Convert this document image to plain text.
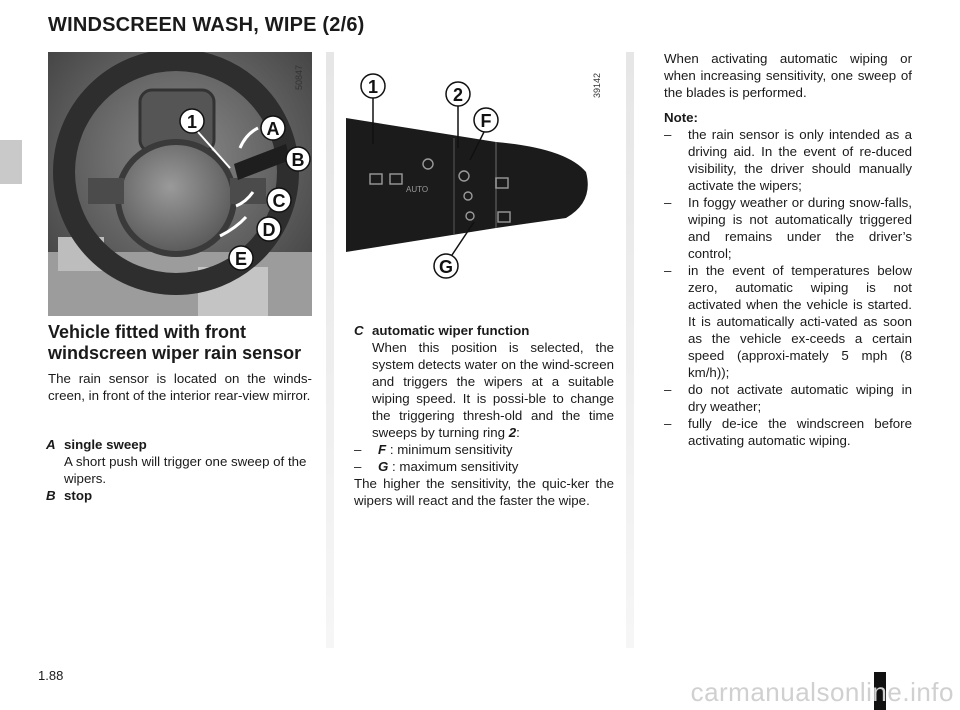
WINDSCREEN WASH, WIPE (2/6)
50847
1	A
B
C
D
E
AUTO
1	2
F
G
39142
Vehicle fitted with front windscreen wiper rain sensor
The rain sensor is located on the winds-creen, in front of the interior rear-view mirror.
A single sweep
A short push will trigger one sweep of the wipers.
B stop
C automatic wiper function
When this position is selected, the system detects water on the wind-screen and triggers the wipers at a suitable wiping speed. It is possi-ble to change the triggering thresh-old and the time sweeps by turning ring 2:
– F : minimum sensitivity
– G : maximum sensitivity
The higher the sensitivity, the quic-ker the wipers will react and the faster the wipe.
When activating automatic wiping or when increasing sensitivity, one sweep of the blades is performed.
Note:
– the rain sensor is only intended as a driving aid. In the event of re-duced visibility, the driver should manually activate the wipers;
– In foggy weather or during snow-falls, wiping is not automatically triggered and remains under the driver’s control;
– in the event of temperatures below zero, automatic wiping is not activated when the vehicle is started. It is automatically acti-vated as soon as the vehicle ex-ceeds a certain speed (approxi-mately 5 mph (8 km/h));
– do not activate automatic wiping in dry weather;
– fully de-ice the windscreen before activating automatic wiping.
1.88
carmanualsonline.info
